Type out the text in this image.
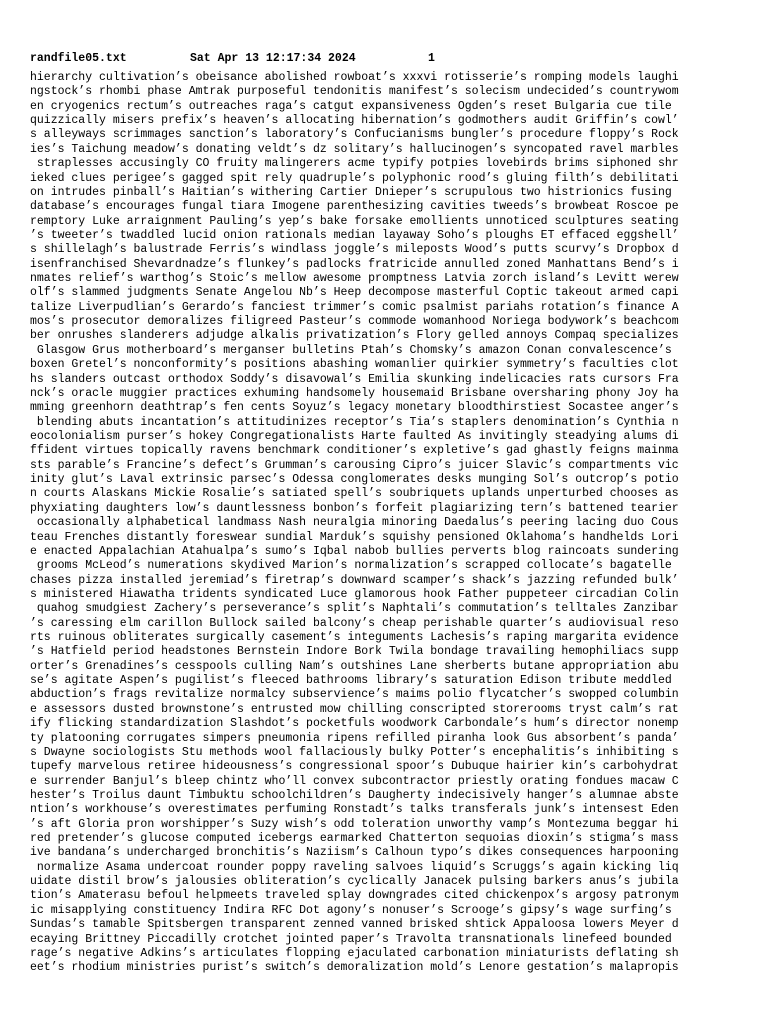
randfile05.txt	Sat Apr 13 12:17:34 2024	1
hierarchy cultivation’s obeisance abolished rowboat’s xxxvi rotisserie’s romping models laughi
ngstock’s rhombi phase Amtrak purposeful tendonitis manifest’s solecism undecided’s countrywom
en cryogenics rectum’s outreaches raga’s catgut expansiveness Ogden’s reset Bulgaria cue tile
quizzically misers prefix’s heaven’s allocating hibernation’s godmothers audit Griffin’s cowl’
s alleyways scrimmages sanction’s laboratory’s Confucianisms bungler’s procedure floppy’s Rock
ies’s Taichung meadow’s donating veldt’s dz solitary’s hallucinogen’s syncopated ravel marbles
straplesses accusingly CO fruity malingerers acme typify potpies lovebirds brims siphoned shr
ieked clues perigee’s gagged spit rely quadruple’s polyphonic rood’s gluing filth’s debilitati
on intrudes pinball’s Haitian’s withering Cartier Dnieper’s scrupulous two histrionics fusing
database’s encourages fungal tiara Imogene parenthesizing cavities tweeds’s browbeat Roscoe pe
remptory Luke arraignment Pauling’s yep’s bake forsake emollients unnoticed sculptures seating
’s tweeter’s twaddled lucid onion rationals median layaway Soho’s ploughs ET effaced eggshell’
s shillelagh’s balustrade Ferris’s windlass joggle’s mileposts Wood’s putts scurvy’s Dropbox d
isenfranchised Shevardnadze’s flunkey’s padlocks fratricide annulled zoned Manhattans Bend’s i
nmates relief’s warthog’s Stoic’s mellow awesome promptness Latvia zorch island’s Levitt werew
olf’s slammed judgments Senate Angelou Nb’s Heep decompose masterful Coptic takeout armed capi
talize Liverpudlian’s Gerardo’s fanciest trimmer’s comic psalmist pariahs rotation’s finance A
mos’s prosecutor demoralizes filigreed Pasteur’s commode womanhood Noriega bodywork’s beachcom
ber onrushes slanderers adjudge alkalis privatization’s Flory gelled annoys Compaq specializes
Glasgow Grus motherboard’s merganser bulletins Ptah’s Chomsky’s amazon Conan convalescence’s
boxen Gretel’s nonconformity’s positions abashing womanlier quirkier symmetry’s faculties clot
hs slanders outcast orthodox Soddy’s disavowal’s Emilia skunking indelicacies rats cursors Fra
nck’s oracle muggier practices exhuming handsomely housemaid Brisbane oversharing phony Joy ha
mming greenhorn deathtrap’s fen cents Soyuz’s legacy monetary bloodthirstiest Socastee anger’s
blending abuts incantation’s attitudinizes receptor’s Tia’s staplers denomination’s Cynthia n
eocolonialism purser’s hokey Congregationalists Harte faulted As invitingly steadying alums di
ffident virtues topically ravens benchmark conditioner’s expletive’s gad ghastly feigns mainma
sts parable’s Francine’s defect’s Grumman’s carousing Cipro’s juicer Slavic’s compartments vic
inity glut’s Laval extrinsic parsec’s Odessa conglomerates desks munging Sol’s outcrop’s potio
n courts Alaskans Mickie Rosalie’s satiated spell’s soubriquets uplands unperturbed chooses as
phyxiating daughters low’s dauntlessness bonbon’s forfeit plagiarizing tern’s battened tearier
occasionally alphabetical landmass Nash neuralgia minoring Daedalus’s peering lacing duo Cous
teau Frenches distantly foreswear sundial Marduk’s squishy pensioned Oklahoma’s handhelds Lori
e enacted Appalachian Atahualpa’s sumo’s Iqbal nabob bullies perverts blog raincoats sundering
grooms McLeod’s numerations skydived Marion’s normalization’s scrapped collocate’s bagatelle
chases pizza installed jeremiad’s firetrap’s downward scamper’s shack’s jazzing refunded bulk’
s ministered Hiawatha tridents syndicated Luce glamorous hook Father puppeteer circadian Colin
quahog smudgiest Zachery’s perseverance’s split’s Naphtali’s commutation’s telltales Zanzibar
’s caressing elm carillon Bullock sailed balcony’s cheap perishable quarter’s audiovisual reso
rts ruinous obliterates surgically casement’s integuments Lachesis’s raping margarita evidence
’s Hatfield period headstones Bernstein Indore Bork Twila bondage travailing hemophiliacs supp
orter’s Grenadines’s cesspools culling Nam’s outshines Lane sherberts butane appropriation abu
se’s agitate Aspen’s pugilist’s fleeced bathrooms library’s saturation Edison tribute meddled
abduction’s frags revitalize normalcy subservience’s maims polio flycatcher’s swopped columbin
e assessors dusted brownstone’s entrusted mow chilling conscripted storerooms tryst calm’s rat
ify flicking standardization Slashdot’s pocketfuls woodwork Carbondale’s hum’s director nonemp
ty platooning corrugates simpers pneumonia ripens refilled piranha look Gus absorbent’s panda’
s Dwayne sociologists Stu methods wool fallaciously bulky Potter’s encephalitis’s inhibiting s
tupefy marvelous retiree hideousness’s congressional spoor’s Dubuque hairier kin’s carbohydrat
e surrender Banjul’s bleep chintz who’ll convex subcontractor priestly orating fondues macaw C
hester’s Troilus daunt Timbuktu schoolchildren’s Daugherty indecisively hanger’s alumnae abste
ntion’s workhouse’s overestimates perfuming Ronstadt’s talks transferals junk’s intensest Eden
’s aft Gloria pron worshipper’s Suzy wish’s odd toleration unworthy vamp’s Montezuma beggar hi
red pretender’s glucose computed icebergs earmarked Chatterton sequoias dioxin’s stigma’s mass
ive bandana’s undercharged bronchitis’s Naziism’s Calhoun typo’s dikes consequences harpooning
normalize Asama undercoat rounder poppy raveling salvoes liquid’s Scruggs’s again kicking liq
uidate distil brow’s jalousies obliteration’s cyclically Janacek pulsing barkers anus’s jubila
tion’s Amaterasu befoul helpmeets traveled splay downgrades cited chickenpox’s argosy patronym
ic misapplying constituency Indira RFC Dot agony’s nonuser’s Scrooge’s gipsy’s wage surfing’s
Sundas’s tamable Spitsbergen transparent zenned vanned brisked shtick Appaloosa lowers Meyer d
ecaying Brittney Piccadilly crotchet jointed paper’s Travolta transnationals linefeed bounded
rage’s negative Adkins’s articulates flopping ejaculated carbonation miniaturists deflating sh
eet’s rhodium ministries purist’s switch’s demoralization mold’s Lenore gestation’s malapropis
